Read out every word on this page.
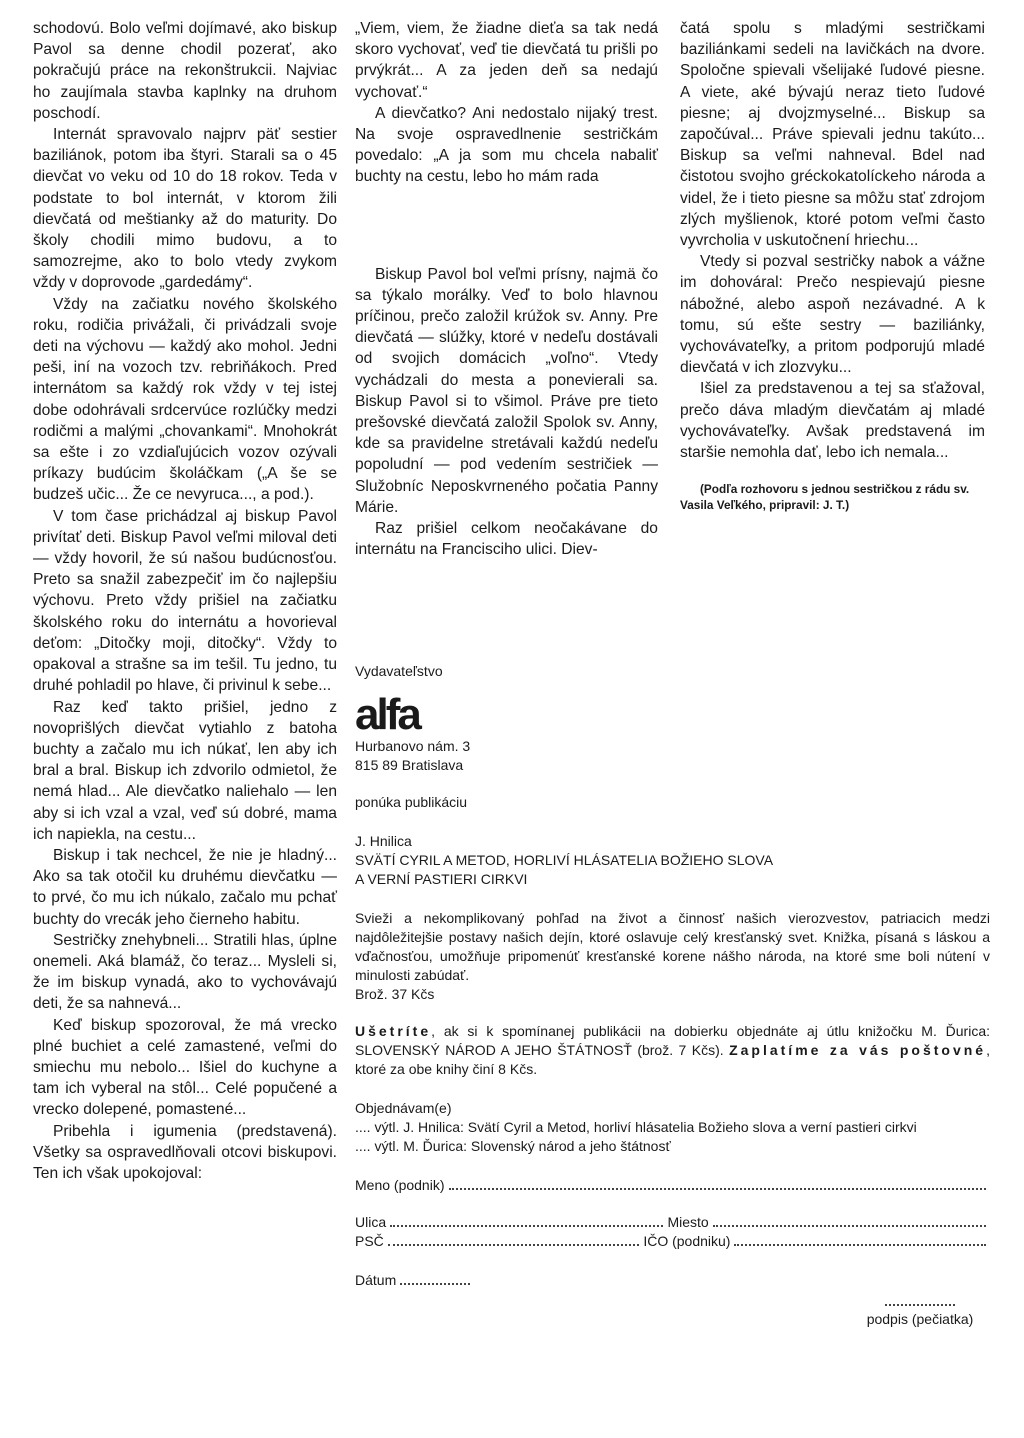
schodovú. Bolo veľmi dojímavé, ako biskup Pavol sa denne chodil pozerať, ako pokračujú práce na rekonštrukcii. Najviac ho zaujímala stavba kaplnky na druhom poschodí.

Internát spravovalo najprv päť sestier baziliánok, potom iba štyri. Starali sa o 45 dievčat vo veku od 10 do 18 rokov. Teda v podstate to bol internát, v ktorom žili dievčatá od meštianky až do maturity. Do školy chodili mimo budovu, a to samozrejme, ako to bolo vtedy zvykom vždy v doprovode „gardedámy“.

Vždy na začiatku nového školského roku, rodičia privážali, či privádzali svoje deti na výchovu — každý ako mohol. Jedni peši, iní na vozoch tzv. rebriňákoch. Pred internátom sa každý rok vždy v tej istej dobe odohrávali srdcervúce rozlúčky medzi rodičmi a malými „chovankami“. Mnohokrát sa ešte i zo vzdiaľujúcich vozov ozývali príkazy budúcim školáčkam („A še se budzeš učic... Že ce nevyruca..., a pod.).

V tom čase prichádzal aj biskup Pavol privítať deti. Biskup Pavol veľmi miloval deti — vždy hovoril, že sú našou budúcnosťou. Preto sa snažil zabezpečiť im čo najlepšiu výchovu. Preto vždy prišiel na začiatku školského roku do internátu a hovorieval deťom: „Ditočky moji, ditočky“. Vždy to opakoval a strašne sa im tešil. Tu jedno, tu druhé pohladil po hlave, či privinul k sebe...

Raz keď takto prišiel, jedno z novoprišlých dievčat vytiahlo z batoha buchty a začalo mu ich núkať, len aby ich bral a bral. Biskup ich zdvorilo odmietol, že nemá hlad... Ale dievčatko naliehalo — len aby si ich vzal a vzal, veď sú dobré, mama ich napiekla, na cestu...

Biskup i tak nechcel, že nie je hladný... Ako sa tak otočil ku druhému dievčatku — to prvé, čo mu ich núkalo, začalo mu pchať buchty do vrecák jeho čierneho habitu.

Sestričky znehybneli... Stratili hlas, úplne onemeli. Aká blamáž, čo teraz... Mysleli si, že im biskup vynadá, ako to vychovávajú deti, že sa nahnevá...

Keď biskup spozoroval, že má vrecko plné buchiet a celé zamastené, veľmi do smiechu mu nebolo... Išiel do kuchyne a tam ich vyberal na stôl... Celé popučené a vrecko dolepené, pomastené...

Pribehla i igumenia (predstavená). Všetky sa ospravedlňovali otcovi biskupovi. Ten ich však upokojoval:

„Viem, viem, že žiadne dieťa sa tak nedá skoro vychovať, veď tie dievčatá tu prišli po prvýkrát... A za jeden deň sa nedajú vychovať.“

A dievčatko? Ani nedostalo nijaký trest. Na svoje ospravedlnenie sestričkám povedalo: „A ja som mu chcela nabaliť buchty na cestu, lebo ho mám rada

Biskup Pavol bol veľmi prísny, najmä čo sa týkalo morálky. Veď to bolo hlavnou príčinou, prečo založil krúžok sv. Anny. Pre dievčatá — slúžky, ktoré v nedeľu dostávali od svojich domácich „voľno“. Vtedy vychádzali do mesta a ponevierali sa. Biskup Pavol si to všimol. Práve pre tieto prešovské dievčatá založil Spolok sv. Anny, kde sa pravidelne stretávali každú nedeľu popoludní — pod vedením sestričiek — Služobníc Neposkvrneného počatia Panny Márie.

Raz prišiel celkom neočakávane do internátu na Francisciho ulici. Diev-

čatá spolu s mladými sestričkami baziliánkami sedeli na lavičkách na dvore. Spoločne spievali všelijaké ľudové piesne. A viete, aké bývajú neraz tieto ľudové piesne; aj dvojzmyselné... Biskup sa započúval... Práve spievali jednu takúto... Biskup sa veľmi nahneval. Bdel nad čistotou svojho gréckokatolíckeho národa a videl, že i tieto piesne sa môžu stať zdrojom zlých myšlienok, ktoré potom veľmi často vyvrcholia v uskutočnení hriechu...

Vtedy si pozval sestričky nabok a vážne im dohováral: Prečo nespievajú piesne nábožné, alebo aspoň nezávadné. A k tomu, sú ešte sestry — baziliánky, vychovávateľky, a pritom podporujú mladé dievčatá v ich zlozvyku...

Išiel za predstavenou a tej sa sťažoval, prečo dáva mladým dievčatám aj mladé vychovávateľky. Avšak predstavená im staršie nemohla dať, lebo ich nemala...

(Podľa rozhovoru s jednou sestričkou z rádu sv. Vasila Veľkého, pripravil: J. T.)

Vydavateľstvo

alfa

Hurbanovo nám. 3

815 89 Bratislava

ponúka publikáciu

J. Hnilica

SVÄTÍ CYRIL A METOD, HORLIVÍ HLÁSATELIA BOŽIEHO SLOVA

A VERNÍ PASTIERI CIRKVI

Svieži a nekomplikovaný pohľad na život a činnosť našich vierozvestov, patriacich medzi najdôležitejšie postavy našich dejín, ktoré oslavuje celý kresťanský svet. Knižka, písaná s láskou a vďačnosťou, umožňuje pripomenúť kresťanské korene nášho národa, na ktoré sme boli nútení v minulosti zabúdať.

Brož. 37 Kčs

Ušetríte, ak si k spomínanej publikácii na dobierku objednáte aj útlu knižočku M. Ďurica: SLOVENSKÝ NÁROD A JEHO ŠTÁTNOSŤ (brož. 7 Kčs). Zaplatíme za vás poštovné, ktoré za obe knihy činí 8 Kčs.

Objednávam(e)

.... výtl. J. Hnilica: Svätí Cyril a Metod, horliví hlásatelia Božieho slova a verní pastieri cirkvi

.... výtl. M. Ďurica: Slovenský národ a jeho štátnosť

Meno (podnik)
Ulica	Miesto
PSČ	IČO (podniku)
Dátum
podpis (pečiatka)
